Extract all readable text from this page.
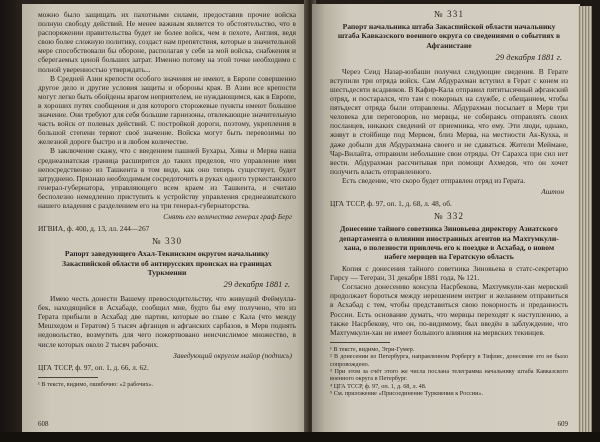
можно было защищать их пахотными силами, предоставив прочие войска полную свободу действий. Не менее важным является то обстоятельство, что в распоряжении правительства будет не более войск, чем в пехоте, Англия, ведя свою более сложную политику, создаст нам препятствия, которые в значительной мере способствовали бы обороне, располагая у себя за мой войска, снабжения и сберегаемых ценой больших затрат. Именно потому на этой точке необходимо с полной уверенностью утверждать...

В Средней Азии крепости особого значения не имеют, в Европе совершенно другое дело и другие условия защиты и обороны края. В Азии все крепости могут легко быть обойдены врагом неприятелем, не нуждающимся, как в Европе, в хороших путях сообщения и для которого сторожевые пункты имеют большое значение. Они требуют для себя большие гарнизоны, отвлекающие значительную часть войск от полевых действий. С постройкой дороги, поэтому, укрепления в большой степени теряют своё значение. Войска могут быть перевозимы по железной дороге быстро и в любом количестве.

В заключение скажу, что с введением пашней Бухары, Хивы и Мерва наша среднеазиатская граница расширится до таких пределов, что управление ими непосредственно из Ташкента в том виде, как оно теперь существует, будет затруднено. Признаю необходимым сосредоточить в руках одного туркестанского генерал-губернатора, управляющего всем краем из Ташкента, и считаю бесполезно немедленно приступить к устройству управления среднеазиатского нашего владения с разделением его на три генерал-губернаторства.

Снять его величества генерал граф Берг

ИГВИА, ф. 400, д. 13, лл. 244—267

№ 330
Рапорт заведующего Ахал-Текинским округом начальнику Закаспийской области об антирусских происках на границах Туркмении
29 декабря 1881 г.

Имею честь донести Вашему превосходительству, что живущий Феймулла-бек, находящийся в Асхабаде, сообщил мне, будто бы ему получено, что из Герата прибыли в Асхабад две партии, которые во главе с Кала (что между Мешхедом и Гератом) 5 тысяч афганцев и афганских сарбазов, в Мерв поднять недовольство, возмутить для чего пожертвовано неисчислимое множество, в числе которых около 2 тысяч рабочих.

Заведующий округом майор (подпись)

ЦГА ТССР, ф. 97, оп. 1, д. 66, л. 62.

¹ В тексте, видимо, ошибочно: «2 рабочих».

608
№ 331
Рапорт начальника штаба Закаспийской области начальнику штаба Кавказского военного округа со сведениями о событиях в Афганистане
29 декабря 1881 г.

Через Сеид Назар-юзбаши получил следующие сведения. В Герате вступили три отряда войск. Сам Абдурахман вступил в Герат с конем из шестьдесяти всадников. В Кафир-Кала отправил пятитысячный афганский отряд, и постарался, что там с покорных на службе, с обещанием, чтобы пятьдесят отряда были отправлены. Абдурахман посылает в Мерв три человека для переговоров, но мервцы, не собираясь отправлять своих посланцев, никаких сведений от приемника, что ему. Эти люди, однако, живут в стойбище под Мервом, близ Мерва, на местности Ак-Кухка, и даже добыли для Абдурахмана своего и не сдаваться. Жители Меймане, Чар-Вилайта, отправили небольшие свои отряды. От Сарахса при сил нет вести. Абдурахман рассчитывая при помощи Ахмедов, что он хочет получить власть отправленного.

Есть сведение, что скоро будет отправлен отряд из Герата.

Аштон

ЦГА ТССР, ф. 97, оп. 1, д. 68, л. 48, об.

№ 332
Донесение тайного советника Зиновьева директору Азиатского департамента о влиянии иностранных агентов на Махтумкули-хана, о полезности привлечь его к поездке в Асхабад, о новом набеге мервцев на Гератскую область

Копия с донесения тайного советника Зиновьева в статс-секретарю Гирсу — Тегеран, 31 декабря 1881 года, № 121.

Согласно донесению консула Насрбекова, Махтумкули-хан мервский продолжает бороться между нерешением интриг и желанием отправиться в Асхабад с тем, чтобы представиться свою покорность и преданность России. Есть основание думать, что мервцы переходят к наступлению, а также Насрбекову, что он, по-видимому, был введён в заблуждение, что Махтумкули-хан не имеет большого влияния на мервских текинцев.

¹ В тексте, видимо, Эгри-Гумер.

² В донесении из Петербурга, направленном Рорбергу в Тифлис, донесение это не было сопровождено.

³ При этом за счёт этого же числа послана телеграмма начальнику штаба Кавказского военного округа в Петербург.

⁴ ЦГА ТССР, ф. 97, оп. 1, д. 68, л. 48.

⁵ См. приложение «Присоединение Туркмении к России».

609
